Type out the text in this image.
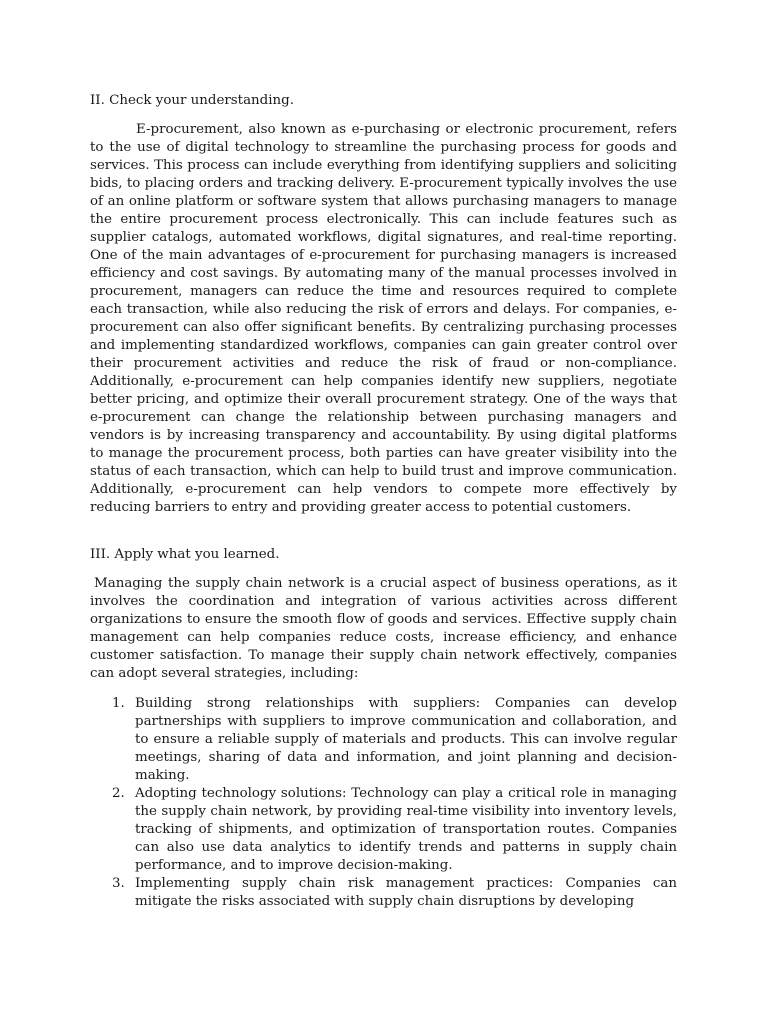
II. Check your understanding.

E-procurement, also known as e-purchasing or electronic procurement, refers to the use of digital technology to streamline the purchasing process for goods and services. This process can include everything from identifying suppliers and soliciting bids, to placing orders and tracking delivery. E-procurement typically involves the use of an online platform or software system that allows purchasing managers to manage the entire procurement process electronically. This can include features such as supplier catalogs, automated workflows, digital signatures, and real-time reporting. One of the main advantages of e-procurement for purchasing managers is increased efficiency and cost savings. By automating many of the manual processes involved in procurement, managers can reduce the time and resources required to complete each transaction, while also reducing the risk of errors and delays. For companies, e-procurement can also offer significant benefits. By centralizing purchasing processes and implementing standardized workflows, companies can gain greater control over their procurement activities and reduce the risk of fraud or non-compliance. Additionally, e-procurement can help companies identify new suppliers, negotiate better pricing, and optimize their overall procurement strategy. One of the ways that e-procurement can change the relationship between purchasing managers and vendors is by increasing transparency and accountability. By using digital platforms to manage the procurement process, both parties can have greater visibility into the status of each transaction, which can help to build trust and improve communication. Additionally, e-procurement can help vendors to compete more effectively by reducing barriers to entry and providing greater access to potential customers.

III. Apply what you learned.

Managing the supply chain network is a crucial aspect of business operations, as it involves the coordination and integration of various activities across different organizations to ensure the smooth flow of goods and services. Effective supply chain management can help companies reduce costs, increase efficiency, and enhance customer satisfaction. To manage their supply chain network effectively, companies can adopt several strategies, including:

1. Building strong relationships with suppliers: Companies can develop partnerships with suppliers to improve communication and collaboration, and to ensure a reliable supply of materials and products. This can involve regular meetings, sharing of data and information, and joint planning and decision-making.
2. Adopting technology solutions: Technology can play a critical role in managing the supply chain network, by providing real-time visibility into inventory levels, tracking of shipments, and optimization of transportation routes. Companies can also use data analytics to identify trends and patterns in supply chain performance, and to improve decision-making.
3. Implementing supply chain risk management practices: Companies can mitigate the risks associated with supply chain disruptions by developing
